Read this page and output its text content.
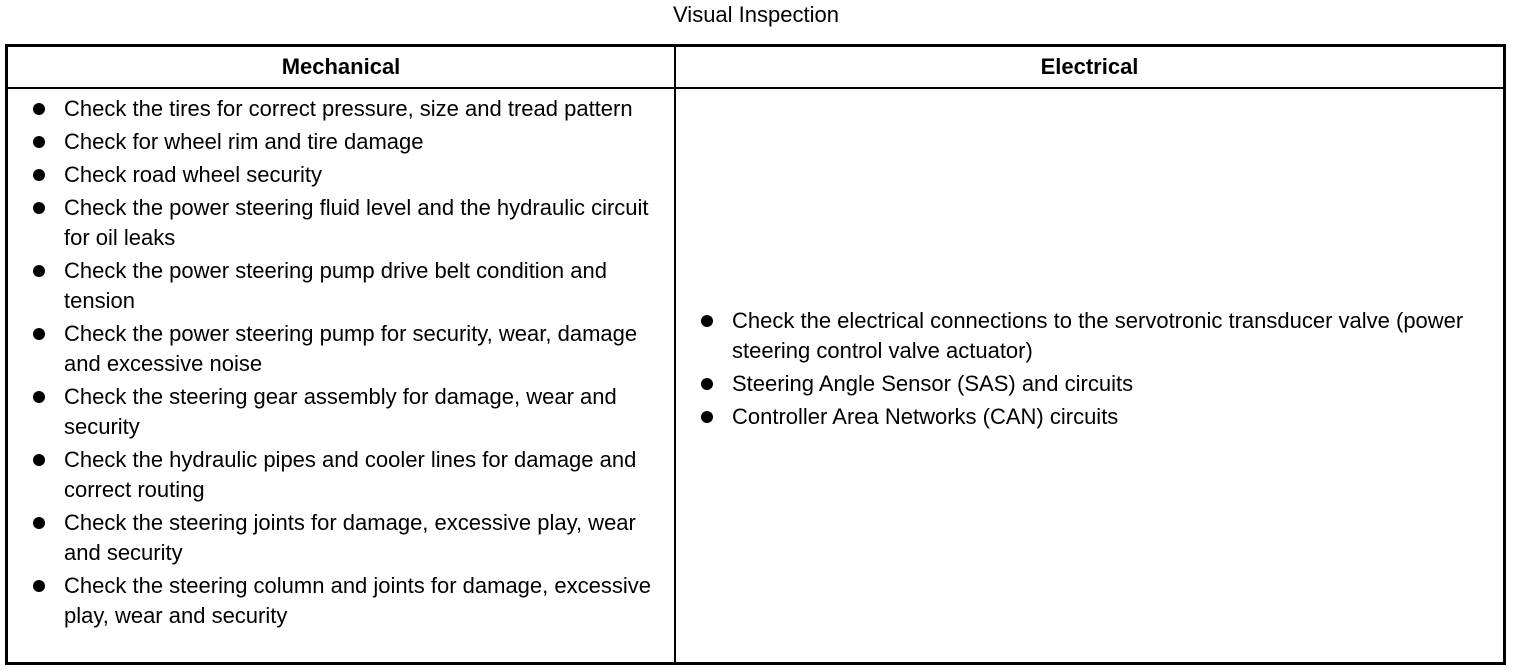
Visual Inspection
Mechanical	Electrical
Check the tires for correct pressure, size and tread pattern
Check for wheel rim and tire damage
Check road wheel security
Check the power steering fluid level and the hydraulic circuit for oil leaks
Check the power steering pump drive belt condition and tension
Check the power steering pump for security, wear, damage and excessive noise
Check the steering gear assembly for damage, wear and security
Check the hydraulic pipes and cooler lines for damage and correct routing
Check the steering joints for damage, excessive play, wear and security
Check the steering column and joints for damage, excessive play, wear and security
Check the electrical connections to the servotronic transducer valve (power steering control valve actuator)
Steering Angle Sensor (SAS) and circuits
Controller Area Networks (CAN) circuits
